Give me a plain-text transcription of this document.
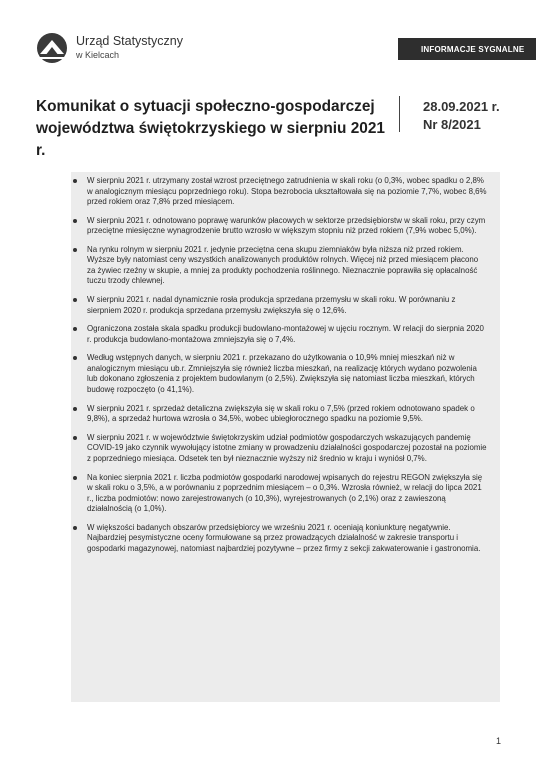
Urząd Statystyczny
w Kielcach
INFORMACJE SYGNALNE
Komunikat o sytuacji społeczno-gospodarczej
województwa świętokrzyskiego w sierpniu 2021 r.
28.09.2021 r.
Nr 8/2021
W sierpniu 2021 r. utrzymany został wzrost przeciętnego zatrudnienia w skali roku (o 0,3%, wobec spadku o 2,8% w analogicznym miesiącu poprzedniego roku). Stopa bezrobocia ukształtowała się na poziomie 7,7%, wobec 8,6% przed rokiem oraz 7,8% przed miesiącem.
W sierpniu 2021 r. odnotowano poprawę warunków płacowych w sektorze przedsiębiorstw w skali roku, przy czym przeciętne miesięczne wynagrodzenie brutto wzrosło w większym stopniu niż przed rokiem (7,9% wobec 5,0%).
Na rynku rolnym w sierpniu 2021 r. jedynie przeciętna cena skupu ziemniaków była niższa niż przed rokiem. Wyższe były natomiast ceny wszystkich analizowanych produktów rolnych. Więcej niż przed miesiącem płacono za żywiec rzeźny w skupie, a mniej za produkty pochodzenia roślinnego. Nieznacznie poprawiła się opłacalność tuczu trzody chlewnej.
W sierpniu 2021 r. nadal dynamicznie rosła produkcja sprzedana przemysłu w skali roku. W porównaniu z sierpniem 2020 r. produkcja sprzedana przemysłu zwiększyła się o 12,6%.
Ograniczona została skala spadku produkcji budowlano-montażowej w ujęciu rocznym. W relacji do sierpnia 2020 r. produkcja budowlano-montażowa zmniejszyła się o 7,4%.
Według wstępnych danych, w sierpniu 2021 r. przekazano do użytkowania o 10,9% mniej mieszkań niż w analogicznym miesiącu ub.r. Zmniejszyła się również liczba mieszkań, na realizację których wydano pozwolenia lub dokonano zgłoszenia z projektem budowlanym (o 2,5%). Zwiększyła się natomiast liczba mieszkań, których budowę rozpoczęto (o 41,1%).
W sierpniu 2021 r. sprzedaż detaliczna zwiększyła się w skali roku o 7,5% (przed rokiem odnotowano spadek o 9,8%), a sprzedaż hurtowa wzrosła o 34,5%, wobec ubiegłorocznego spadku na poziomie 9,5%.
W sierpniu 2021 r. w województwie świętokrzyskim udział podmiotów gospodarczych wskazujących pandemię COVID-19 jako czynnik wywołujący istotne zmiany w prowadzeniu działalności gospodarczej pozostał na poziomie z poprzedniego miesiąca. Odsetek ten był nieznacznie wyższy niż średnio w kraju i wyniósł 0,7%.
Na koniec sierpnia 2021 r. liczba podmiotów gospodarki narodowej wpisanych do rejestru REGON zwiększyła się w skali roku o 3,5%, a w porównaniu z poprzednim miesiącem – o 0,3%. Wzrosła również, w relacji do lipca 2021 r., liczba podmiotów: nowo zarejestrowanych (o 10,3%), wyrejestrowanych (o 2,1%) oraz z zawieszoną działalnością (o 1,0%).
W większości badanych obszarów przedsiębiorcy we wrześniu 2021 r. oceniają koniunkturę negatywnie. Najbardziej pesymistyczne oceny formułowane są przez prowadzących działalność w zakresie transportu i gospodarki magazynowej, natomiast najbardziej pozytywne – przez firmy z sekcji zakwaterowanie i gastronomia.
1
